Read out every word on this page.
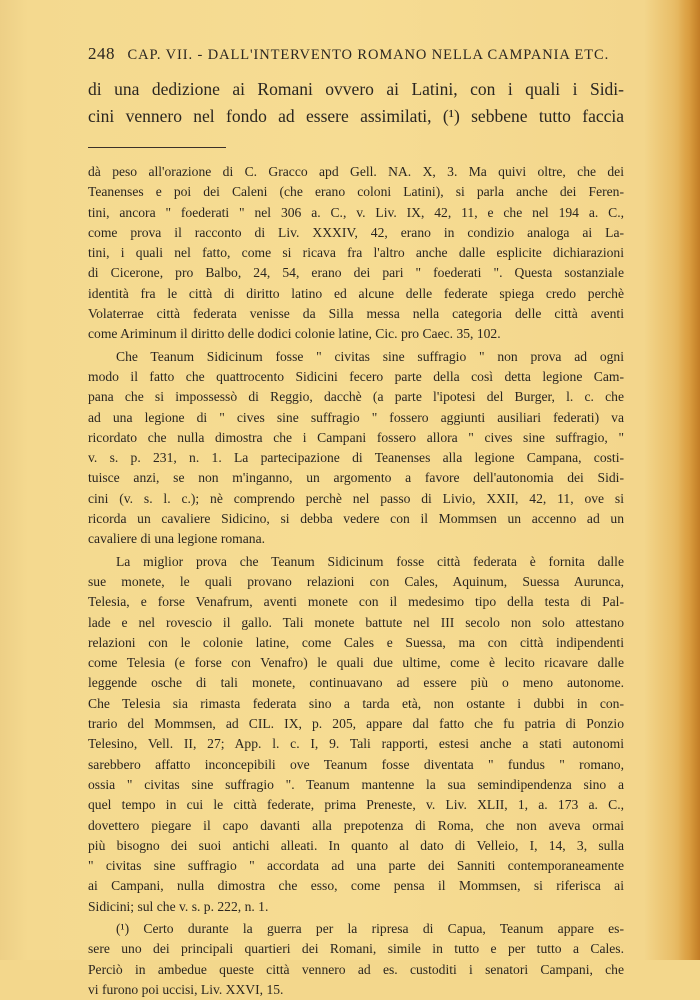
248 CAP. VII. - DALL'INTERVENTO ROMANO NELLA CAMPANIA ETC.
di una dedizione ai Romani ovvero ai Latini, con i quali i Sidi-
cini vennero nel fondo ad essere assimilati, (¹) sebbene tutto faccia
dà peso all'orazione di C. Gracco apd Gell. NA. X, 3. Ma quivi oltre, che dei
Teanenses e poi dei Caleni (che erano coloni Latini), si parla anche dei Feren-
tini, ancora " foederati " nel 306 a. C., v. Liv. IX, 42, 11, e che nel 194 a. C.,
come prova il racconto di Liv. XXXIV, 42, erano in condizio analoga ai La-
tini, i quali nel fatto, come si ricava fra l'altro anche dalle esplicite dichiarazioni
di Cicerone, pro Balbo, 24, 54, erano dei pari " foederati ". Questa sostanziale
identità fra le città di diritto latino ed alcune delle federate spiega credo perchè
Volaterrae città federata venisse da Silla messa nella categoria delle città aventi
come Ariminum il diritto delle dodici colonie latine, Cic. pro Caec. 35, 102.
Che Teanum Sidicinum fosse " civitas sine suffragio " non prova ad ogni
modo il fatto che quattrocento Sidicini fecero parte della così detta legione Cam-
pana che si impossessò di Reggio, dacchè (a parte l'ipotesi del Burger, l. c. che
ad una legione di " cives sine suffragio " fossero aggiunti ausiliari federati) va
ricordato che nulla dimostra che i Campani fossero allora " cives sine suffragio, "
v. s. p. 231, n. 1. La partecipazione di Teanenses alla legione Campana, costi-
tuisce anzi, se non m'inganno, un argomento a favore dell'autonomia dei Sidi-
cini (v. s. l. c.); nè comprendo perchè nel passo di Livio, XXII, 42, 11, ove si
ricorda un cavaliere Sidicino, si debba vedere con il Mommsen un accenno ad un
cavaliere di una legione romana.
La miglior prova che Teanum Sidicinum fosse città federata è fornita dalle
sue monete, le quali provano relazioni con Cales, Aquinum, Suessa Aurunca,
Telesia, e forse Venafrum, aventi monete con il medesimo tipo della testa di Pal-
lade e nel rovescio il gallo. Tali monete battute nel III secolo non solo attestano
relazioni con le colonie latine, come Cales e Suessa, ma con città indipendenti
come Telesia (e forse con Venafro) le quali due ultime, come è lecito ricavare dalle
leggende osche di tali monete, continuavano ad essere più o meno autonome.
Che Telesia sia rimasta federata sino a tarda età, non ostante i dubbi in con-
trario del Mommsen, ad CIL. IX, p. 205, appare dal fatto che fu patria di Ponzio
Telesino, Vell. II, 27; App. l. c. I, 9. Tali rapporti, estesi anche a stati autonomi
sarebbero affatto inconcepibili ove Teanum fosse diventata " fundus " romano,
ossia " civitas sine suffragio ". Teanum mantenne la sua semindipendenza sino a
quel tempo in cui le città federate, prima Preneste, v. Liv. XLII, 1, a. 173 a. C.,
dovettero piegare il capo davanti alla prepotenza di Roma, che non aveva ormai
più bisogno dei suoi antichi alleati. In quanto al dato di Velleio, I, 14, 3, sulla
" civitas sine suffragio " accordata ad una parte dei Sanniti contemporaneamente
ai Campani, nulla dimostra che esso, come pensa il Mommsen, si riferisca ai
Sidicini; sul che v. s. p. 222, n. 1.
(¹) Certo durante la guerra per la ripresa di Capua, Teanum appare es-
sere uno dei principali quartieri dei Romani, simile in tutto e per tutto a Cales.
Perciò in ambedue queste città vennero ad es. custoditi i senatori Campani, che
vi furono poi uccisi, Liv. XXVI, 15.
